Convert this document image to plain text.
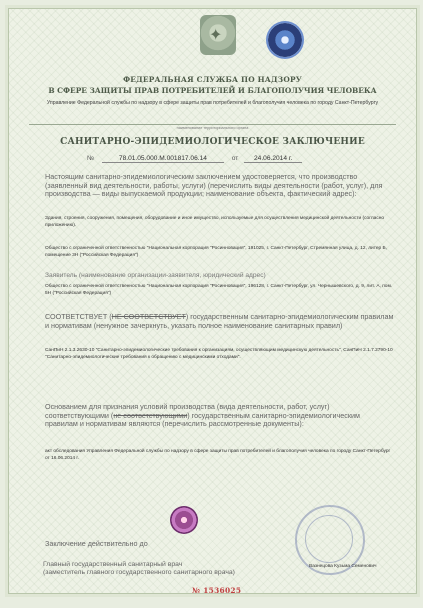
✦
ФЕДЕРАЛЬНАЯ СЛУЖБА ПО НАДЗОРУ
В СФЕРЕ ЗАЩИТЫ ПРАВ ПОТРЕБИТЕЛЕЙ И БЛАГОПОЛУЧИЯ ЧЕЛОВЕКА
Управление Федеральной службы по надзору в сфере защиты прав потребителей и благополучия человека по городу Санкт-Петербургу
наименование территориального органа
САНИТАРНО-ЭПИДЕМИОЛОГИЧЕСКОЕ ЗАКЛЮЧЕНИЕ
№	78.01.05.000.М.001817.06.14	от 24.06.2014 г.
Настоящим санитарно-эпидемиологическим заключением удостоверяется, что производство (заявленный вид деятельности, работы, услуги) (перечислить виды деятельности (работ, услуг), для производства — виды выпускаемой продукции; наименование объекта, фактический адрес):
Здания, строения, сооружения, помещения, оборудование и иное имущество, используемые для осуществления медицинской деятельности (согласно приложению).
Общество с ограниченной ответственностью "Национальная корпорация "Росинновация", 191025, г. Санкт-Петербург, Стремянная улица, д. 12, литер Б, помещение 3Н ("Российская Федерация")
Заявитель (наименование организации-заявителя, юридический адрес)
Общество с ограниченной ответственностью "Национальная корпорация "Росинновация", 196128, г. Санкт-Петербург, ул. Чернышевского, д. 9, лит. А, пом. 5Н ("Российская Федерация")
СООТВЕТСТВУЕТ (НЕ СООТВЕТСТВУЕТ) государственным санитарно-эпидемиологическим правилам и нормативам (ненужное зачеркнуть, указать полное наименование санитарных правил)
СанПиН 2.1.3.2630-10 "Санитарно-эпидемиологические требования к организациям, осуществляющим медицинскую деятельность", СанПиН 2.1.7.2790-10 "Санитарно-эпидемиологические требования к обращению с медицинскими отходами".
Основанием для признания условий производства (вида деятельности, работ, услуг) соответствующими (не соответствующими) государственным санитарно-эпидемиологическим правилам и нормативам являются (перечислить рассмотренные документы):
акт обследования Управления Федеральной службы по надзору в сфере защиты прав потребителей и благополучия человека по городу Санкт-Петербург от 16.06.2014 г.
Заключение действительно до
Главный государственный санитарный врач
(заместитель главного государственного санитарного врача)
Вазнецова Кузьма Семенович
№ 1536025
